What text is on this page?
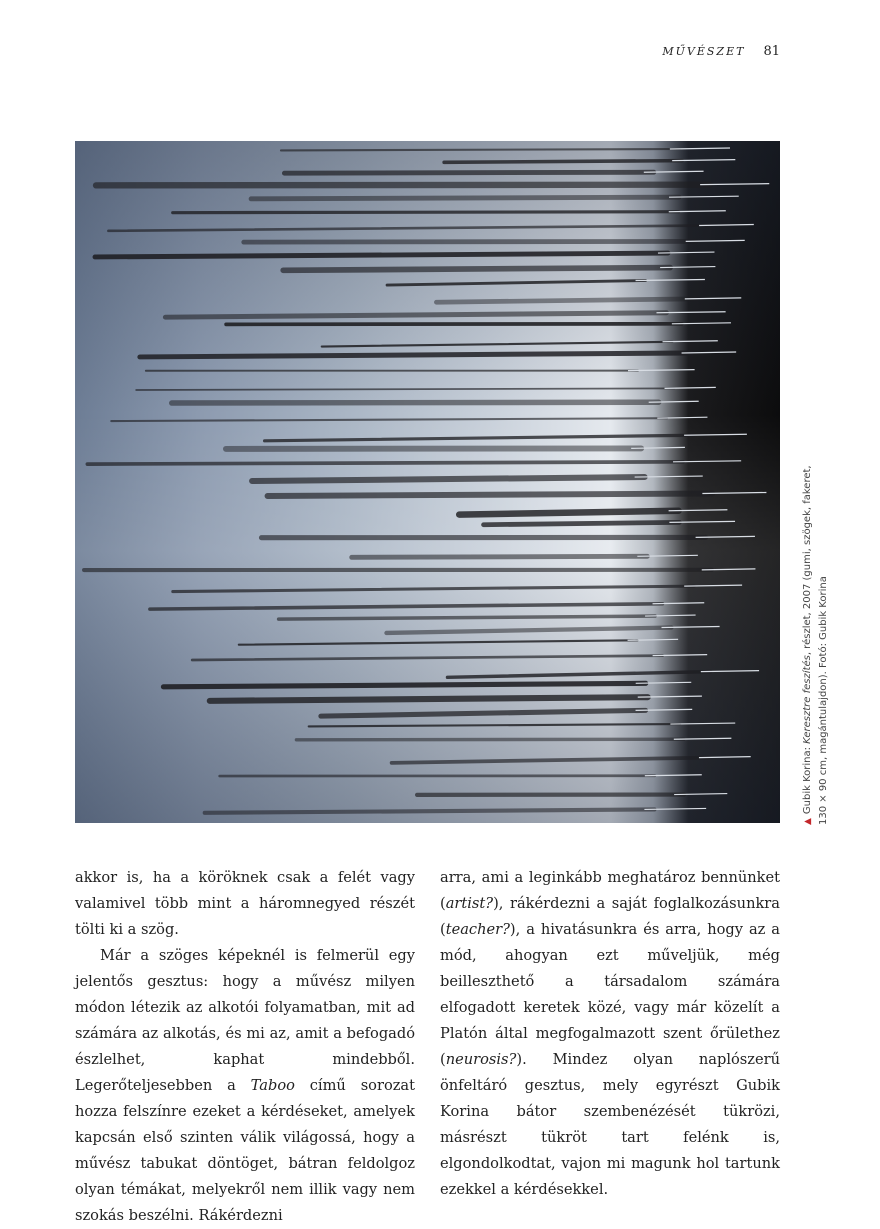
MŰVÉSZET 81
▲Gubik Korina: Keresztre feszítés, részlet, 2007 (gumi, szögek, fakeret, 130 × 90 cm, magántulajdon). Fotó: Gubik Korina

akkor is, ha a köröknek csak a felét vagy valamivel több mint a háromnegyed részét tölti ki a szög.

Már a szöges képeknél is felmerül egy jelentős gesztus: hogy a művész milyen módon létezik az alkotói folyamatban, mit ad számára az alkotás, és mi az, amit a befogadó észlelhet, kaphat mindebből. Legerőteljesebben a Taboo című sorozat hozza felszínre ezeket a kérdéseket, amelyek kapcsán első szinten válik világossá, hogy a művész tabukat döntöget, bátran feldolgoz olyan témákat, melyekről nem illik vagy nem szokás beszélni. Rákérdezni

arra, ami a leginkább meghatároz bennünket (artist?), rákérdezni a saját foglalkozásunkra (teacher?), a hivatásunkra és arra, hogy az a mód, ahogyan ezt műveljük, még beilleszthető a társadalom számára elfogadott keretek közé, vagy már közelít a Platón által megfogalmazott szent őrülethez (neurosis?). Mindez olyan naplószerű önfeltáró gesztus, mely egyrészt Gubik Korina bátor szembenézését tükrözi, másrészt tükröt tart felénk is, elgondolkodtat, vajon mi magunk hol tartunk ezekkel a kérdésekkel.
